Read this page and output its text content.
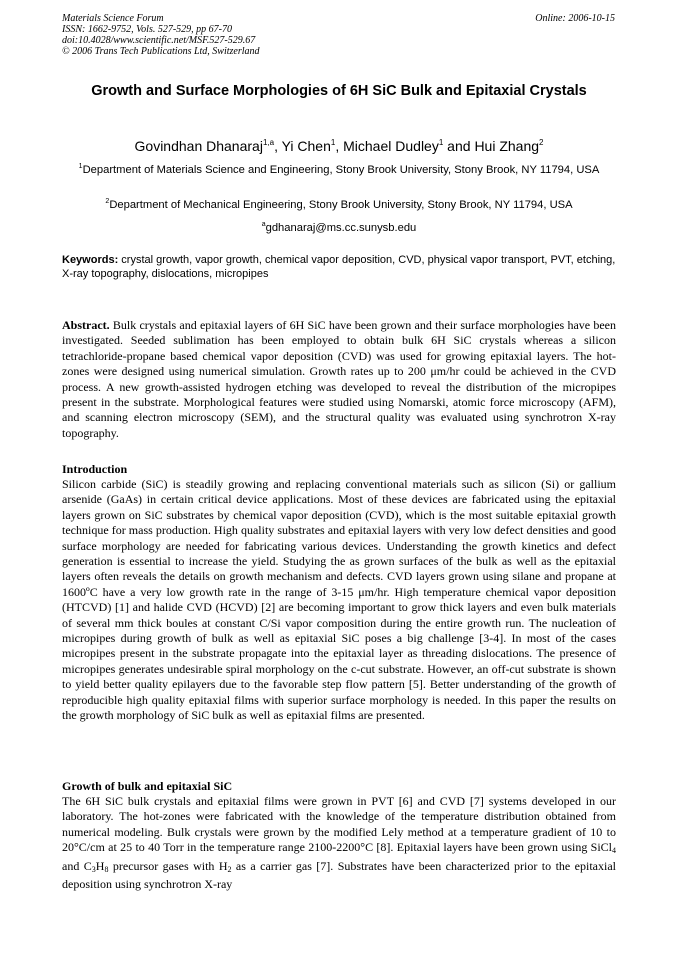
Materials Science Forum
ISSN: 1662-9752, Vols. 527-529, pp 67-70
doi:10.4028/www.scientific.net/MSF.527-529.67
© 2006 Trans Tech Publications Ltd, Switzerland
Online: 2006-10-15
Growth and Surface Morphologies of 6H SiC Bulk and Epitaxial Crystals
Govindhan Dhanaraj$^{1,a}$, Yi Chen$^1$, Michael Dudley$^1$ and Hui Zhang$^2$
$^1$Department of Materials Science and Engineering, Stony Brook University, Stony Brook, NY 11794, USA
$^2$Department of Mechanical Engineering, Stony Brook University, Stony Brook, NY 11794, USA
$^a$gdhanaraj@ms.cc.sunysb.edu
Keywords: crystal growth, vapor growth, chemical vapor deposition, CVD, physical vapor transport, PVT, etching, X-ray topography, dislocations, micropipes
Abstract. Bulk crystals and epitaxial layers of 6H SiC have been grown and their surface morphologies have been investigated. Seeded sublimation has been employed to obtain bulk 6H SiC crystals whereas a silicon tetrachloride-propane based chemical vapor deposition (CVD) was used for growing epitaxial layers. The hot-zones were designed using numerical simulation. Growth rates up to 200 μm/hr could be achieved in the CVD process. A new growth-assisted hydrogen etching was developed to reveal the distribution of the micropipes present in the substrate. Morphological features were studied using Nomarski, atomic force microscopy (AFM), and scanning electron microscopy (SEM), and the structural quality was evaluated using synchrotron X-ray topography.
Introduction
Silicon carbide (SiC) is steadily growing and replacing conventional materials such as silicon (Si) or gallium arsenide (GaAs) in certain critical device applications. Most of these devices are fabricated using the epitaxial layers grown on SiC substrates by chemical vapor deposition (CVD), which is the most suitable epitaxial growth technique for mass production. High quality substrates and epitaxial layers with very low defect densities and good surface morphology are needed for fabricating various devices. Understanding the growth kinetics and defect generation is essential to increase the yield. Studying the as grown surfaces of the bulk as well as the epitaxial layers often reveals the details on growth mechanism and defects. CVD layers grown using silane and propane at 1600ºC have a very low growth rate in the range of 3-15 μm/hr. High temperature chemical vapor deposition (HTCVD) [1] and halide CVD (HCVD) [2] are becoming important to grow thick layers and even bulk materials of several mm thick boules at constant C/Si vapor composition during the entire growth run. The nucleation of micropipes during growth of bulk as well as epitaxial SiC poses a big challenge [3-4]. In most of the cases micropipes present in the substrate propagate into the epitaxial layer as threading dislocations. The presence of micropipes generates undesirable spiral morphology on the c-cut substrate. However, an off-cut substrate is shown to yield better quality epilayers due to the favorable step flow pattern [5]. Better understanding of the growth of reproducible high quality epitaxial films with superior surface morphology is needed. In this paper the results on the growth morphology of SiC bulk as well as epitaxial films are presented.
Growth of bulk and epitaxial SiC
The 6H SiC bulk crystals and epitaxial films were grown in PVT [6] and CVD [7] systems developed in our laboratory. The hot-zones were fabricated with the knowledge of the temperature distribution obtained from numerical modeling. Bulk crystals were grown by the modified Lely method at a temperature gradient of 10 to 20°C/cm at 25 to 40 Torr in the temperature range 2100-2200°C [8]. Epitaxial layers have been grown using SiCl$_4$ and $C_3H_8$ precursor gases with $H_2$ as a carrier gas [7]. Substrates have been characterized prior to the epitaxial deposition using synchrotron X-ray
